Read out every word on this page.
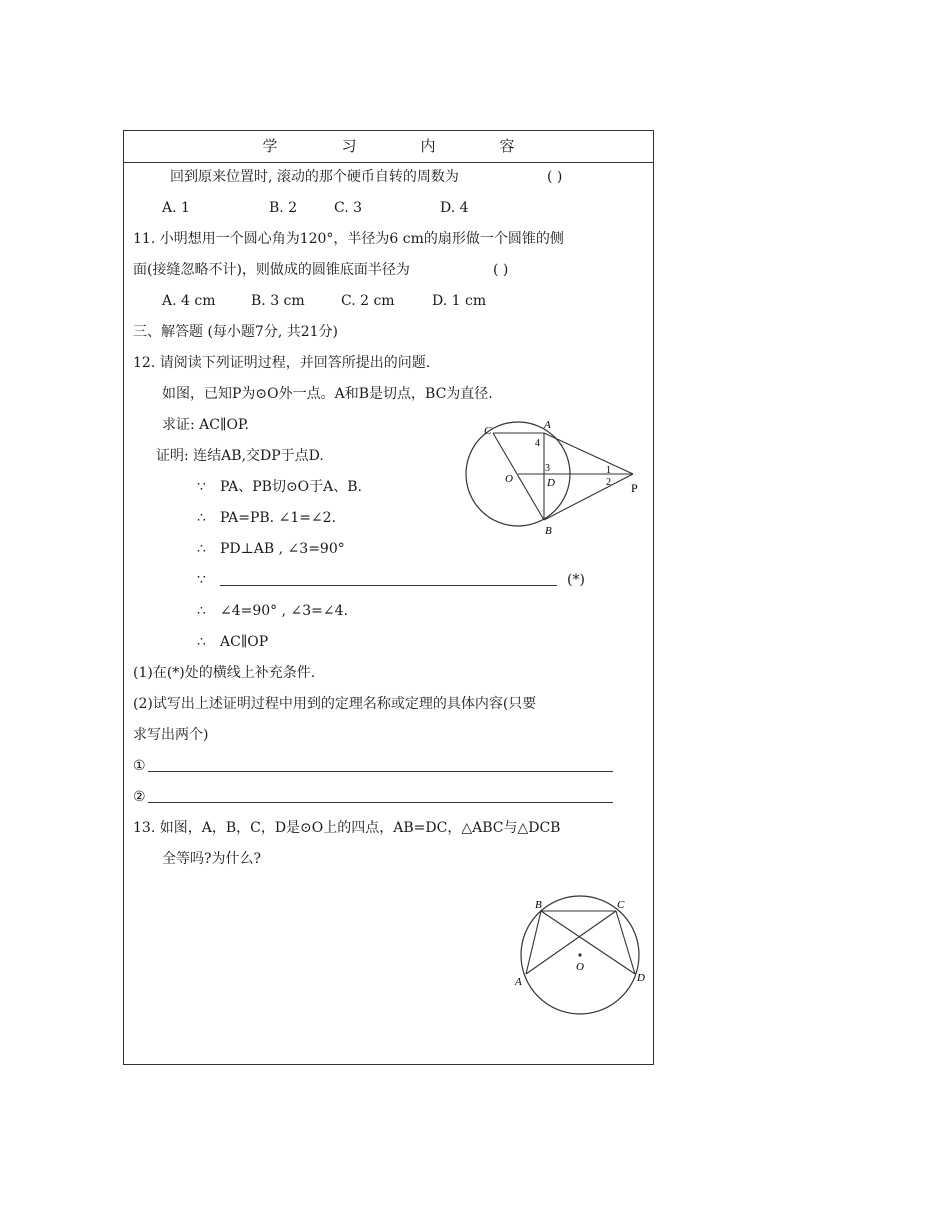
学	习	内	容
回到原来位置时, 滚动的那个硬币自转的周数为	( )
A. 1	B. 2	C. 3	D. 4
11. 小明想用一个圆心角为120°，半径为6 cm的扇形做一个圆锥的侧
面(接缝忽略不计)，则做成的圆锥底面半径为	( )
A. 4 cm	B. 3 cm	C. 2 cm	D. 1 cm
三、解答题 (每小题7分, 共21分)
12. 请阅读下列证明过程，并回答所提出的问题.
如图，已知P为⊙O外一点。A和B是切点，BC为直径.
求证: AC∥OP.
证明: 连结AB,交DP于点D.
∵ PA、PB切⊙O于A、B.
∴ PA=PB. ∠1=∠2.
∴ PD⊥AB , ∠3=90°
∵	(*)
∴ ∠4=90° , ∠3=∠4.
∴ AC∥OP
(1)在(*)处的横线上补充条件.
(2)试写出上述证明过程中用到的定理名称或定理的具体内容(只要
求写出两个)
①
②
13. 如图，A，B，C，D是⊙O上的四点，AB=DC，△ABC与△DCB
全等吗?为什么?
C	A
O	D
B
P
1
2
3
4
B	C
A	D
O
